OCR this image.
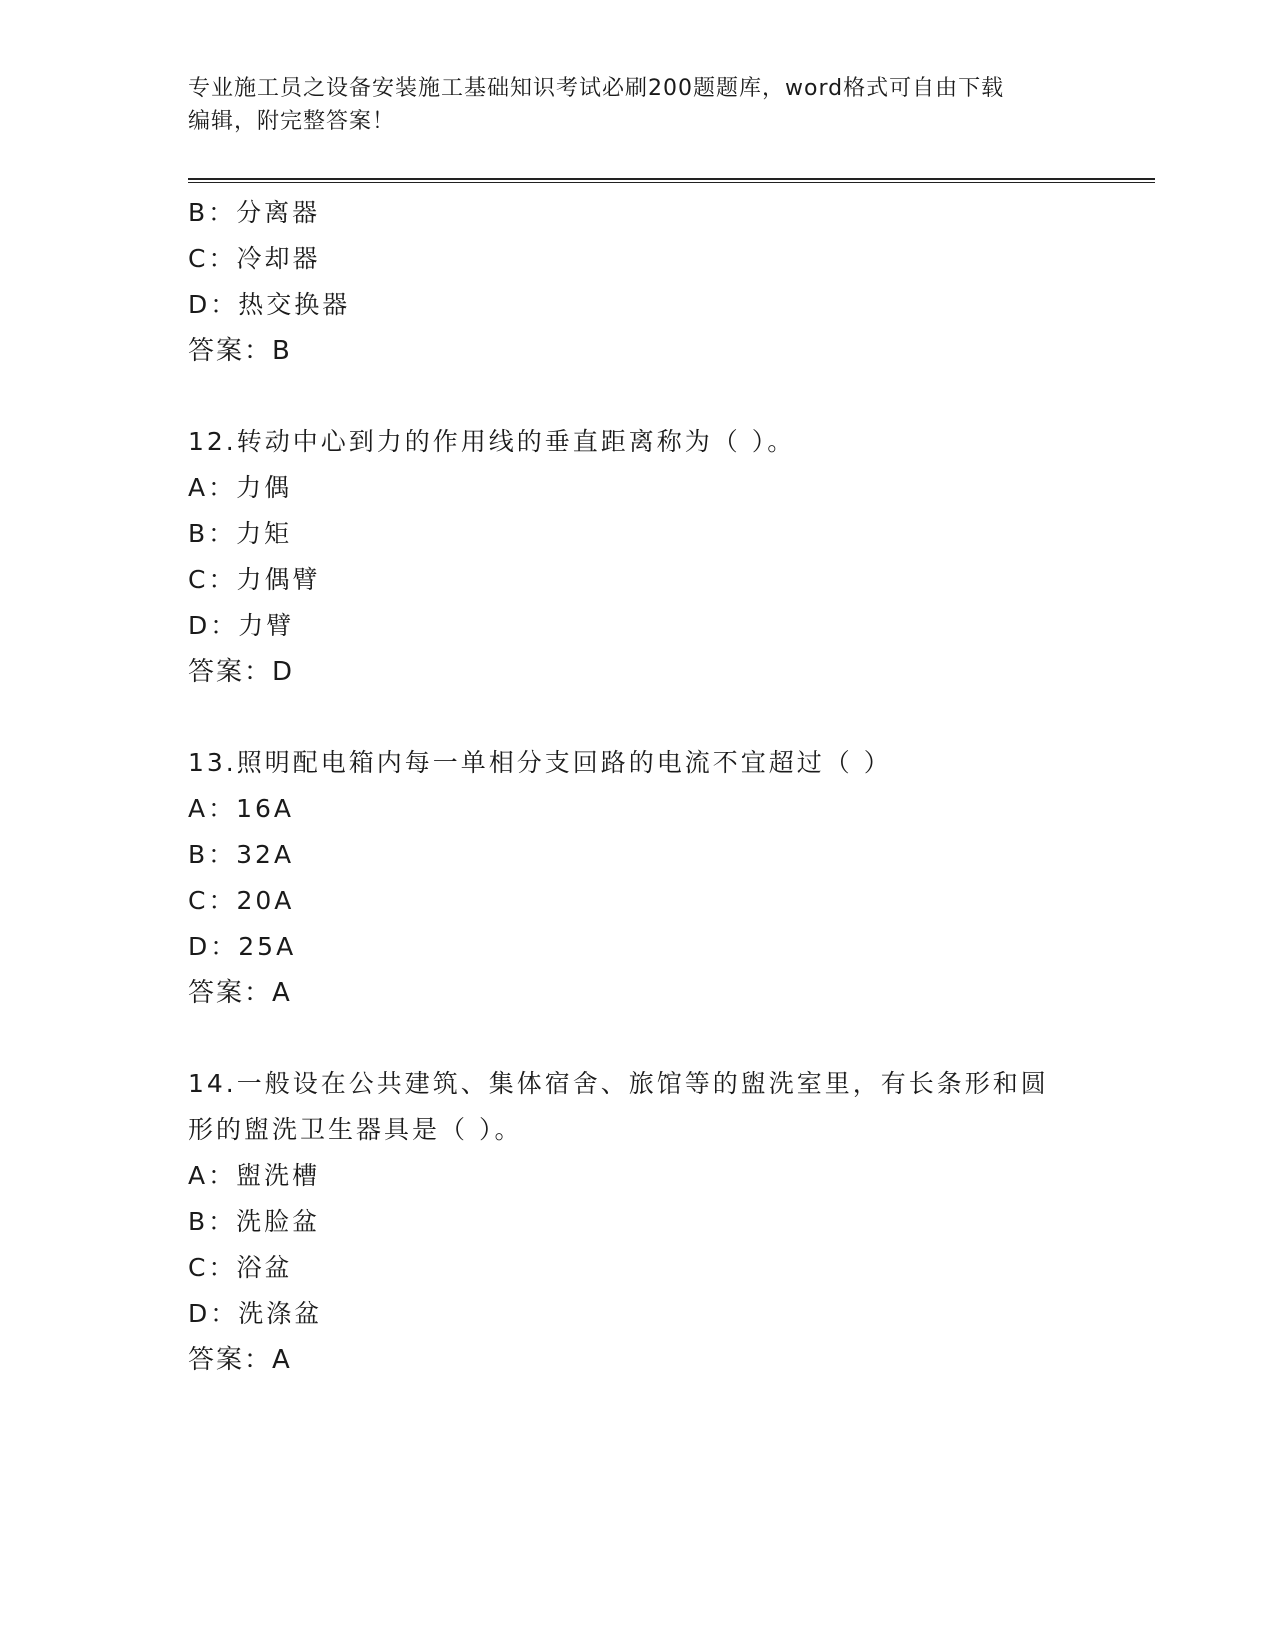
专业施工员之设备安装施工基础知识考试必刷200题题库，word格式可自由下载
编辑，附完整答案！
B：分离器
C：冷却器
D：热交换器
答案：B
12.转动中心到力的作用线的垂直距离称为（ ）。
A：力偶
B：力矩
C：力偶臂
D：力臂
答案：D
13.照明配电箱内每一单相分支回路的电流不宜超过（ ）
A：16A
B：32A
C：20A
D：25A
答案：A
14.一般设在公共建筑、集体宿舍、旅馆等的盥洗室里，有长条形和圆
形的盥洗卫生器具是（ ）。
A：盥洗槽
B：洗脸盆
C：浴盆
D：洗涤盆
答案：A
